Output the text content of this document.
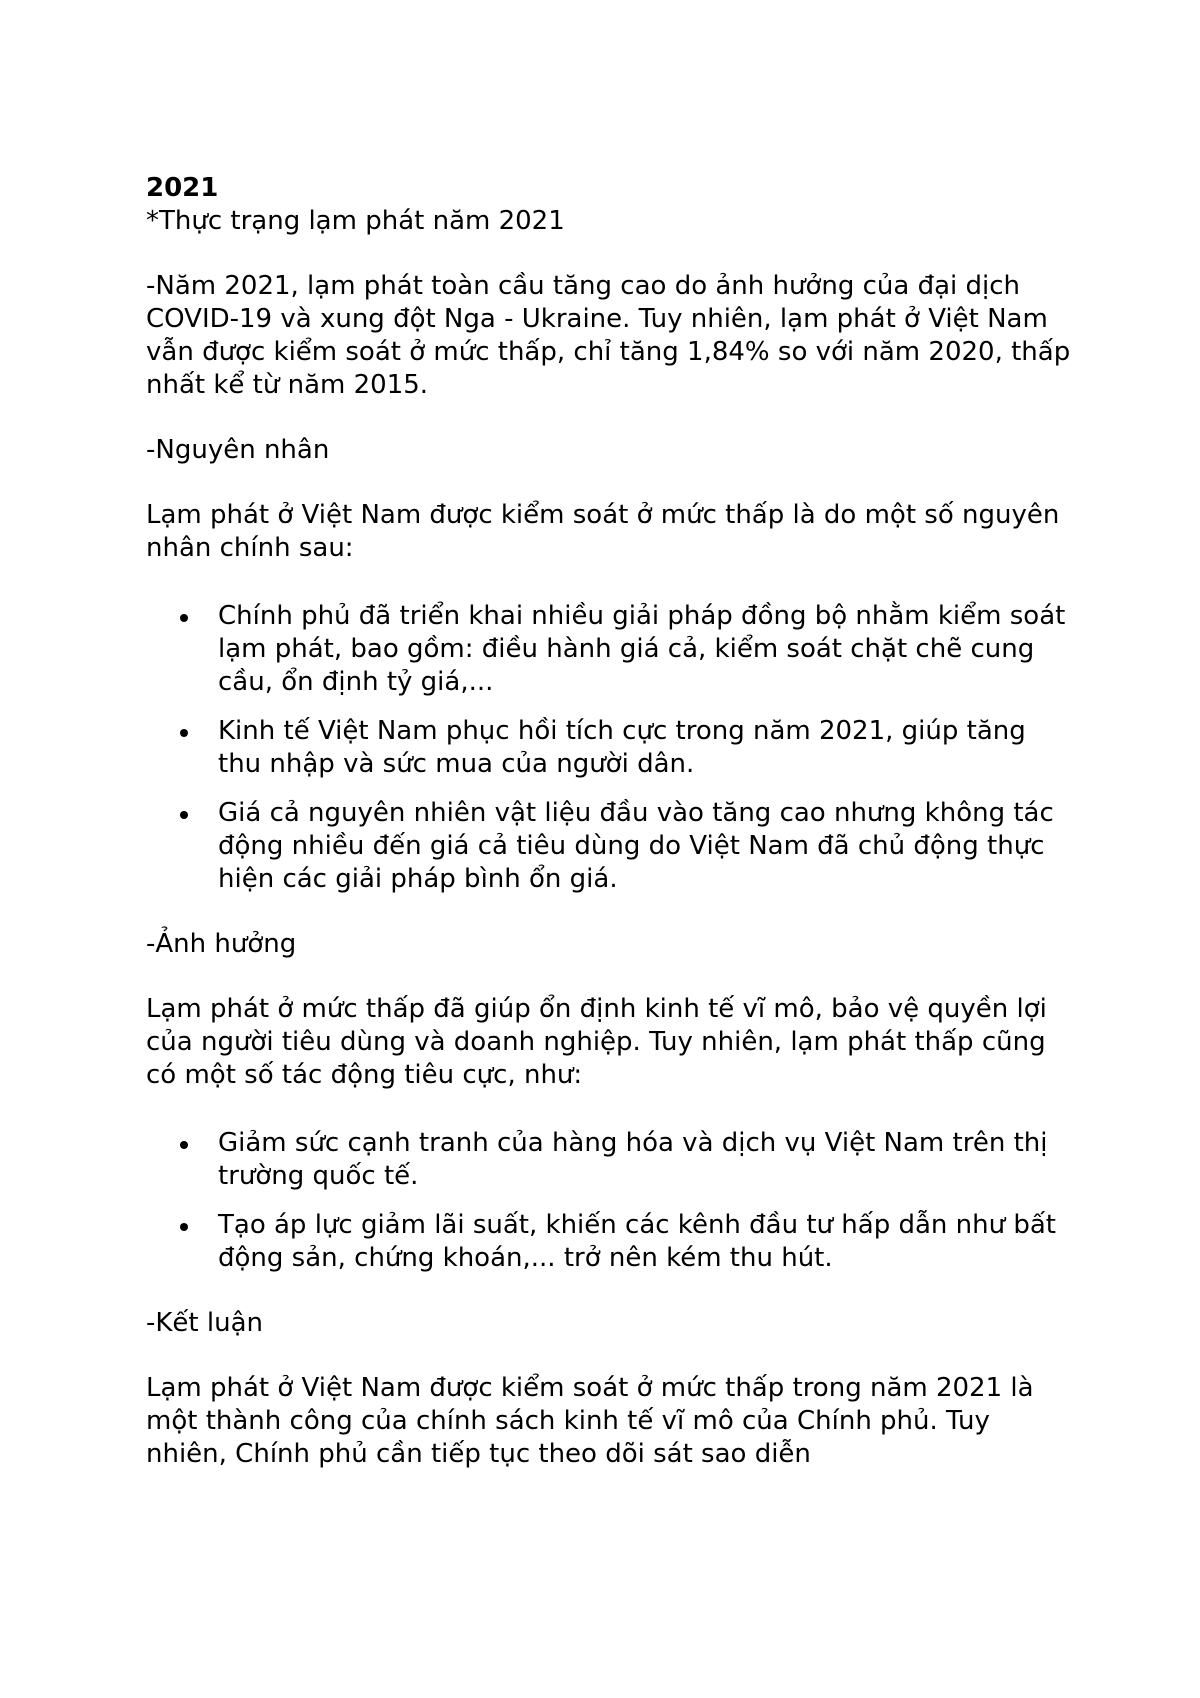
2021

*Thực trạng lạm phát năm 2021

-Năm 2021, lạm phát toàn cầu tăng cao do ảnh hưởng của đại dịch COVID-19 và xung đột Nga - Ukraine. Tuy nhiên, lạm phát ở Việt Nam vẫn được kiểm soát ở mức thấp, chỉ tăng 1,84% so với năm 2020, thấp nhất kể từ năm 2015.

-Nguyên nhân

Lạm phát ở Việt Nam được kiểm soát ở mức thấp là do một số nguyên nhân chính sau:

Chính phủ đã triển khai nhiều giải pháp đồng bộ nhằm kiểm soát lạm phát, bao gồm: điều hành giá cả, kiểm soát chặt chẽ cung cầu, ổn định tỷ giá,...
Kinh tế Việt Nam phục hồi tích cực trong năm 2021, giúp tăng thu nhập và sức mua của người dân.
Giá cả nguyên nhiên vật liệu đầu vào tăng cao nhưng không tác động nhiều đến giá cả tiêu dùng do Việt Nam đã chủ động thực hiện các giải pháp bình ổn giá.

-Ảnh hưởng

Lạm phát ở mức thấp đã giúp ổn định kinh tế vĩ mô, bảo vệ quyền lợi của người tiêu dùng và doanh nghiệp. Tuy nhiên, lạm phát thấp cũng có một số tác động tiêu cực, như:

Giảm sức cạnh tranh của hàng hóa và dịch vụ Việt Nam trên thị trường quốc tế.
Tạo áp lực giảm lãi suất, khiến các kênh đầu tư hấp dẫn như bất động sản, chứng khoán,... trở nên kém thu hút.

-Kết luận

Lạm phát ở Việt Nam được kiểm soát ở mức thấp trong năm 2021 là một thành công của chính sách kinh tế vĩ mô của Chính phủ. Tuy nhiên, Chính phủ cần tiếp tục theo dõi sát sao diễn
